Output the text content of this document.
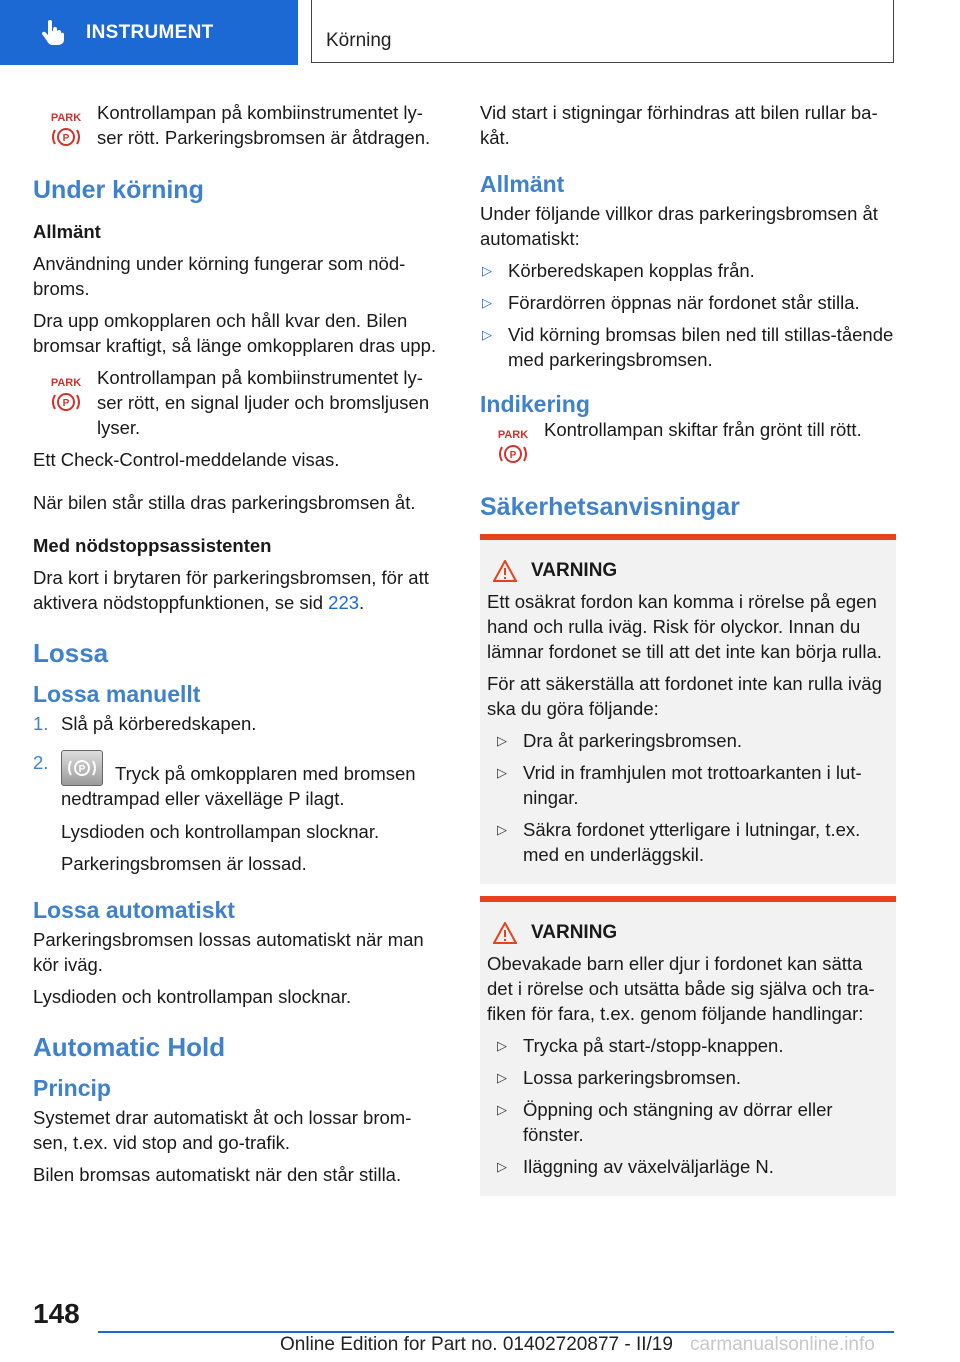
INSTRUMENT	Körning
PARK
P
Kontrollampan på kombiinstrumentet ly-ser rött. Parkeringsbromsen är åtdragen.
Under körning
Allmänt

Användning under körning fungerar som nöd-broms.

Dra upp omkopplaren och håll kvar den. Bilen bromsar kraftigt, så länge omkopplaren dras upp.

PARK
P
Kontrollampan på kombiinstrumentet ly-ser rött, en signal ljuder och bromsljusen lyser.

Ett Check-Control-meddelande visas.

När bilen står stilla dras parkeringsbromsen åt.

Med nödstoppsassistenten

Dra kort i brytaren för parkeringsbromsen, för att aktivera nödstoppfunktionen, se sid 223.

Lossa
Lossa manuellt
1. Slå på körberedskapen.
2.	P Tryck på omkopplaren med bromsen nedtrampad eller växelläge P ilagt.
Lysdioden och kontrollampan slocknar.
Parkeringsbromsen är lossad.
Lossa automatiskt

Parkeringsbromsen lossas automatiskt när man kör iväg.

Lysdioden och kontrollampan slocknar.

Automatic Hold
Princip

Systemet drar automatiskt åt och lossar brom-sen, t.ex. vid stop and go-trafik.

Bilen bromsas automatiskt när den står stilla.

Vid start i stigningar förhindras att bilen rullar ba-kåt.

Allmänt

Under följande villkor dras parkeringsbromsen åt automatiskt:

▷ Körberedskapen kopplas från.
▷ Förardörren öppnas när fordonet står stilla.
▷ Vid körning bromsas bilen ned till stillas-tående med parkeringsbromsen.
Indikering
PARK
P
Kontrollampan skiftar från grönt till rött.
Säkerhetsanvisningar
VARNING

Ett osäkrat fordon kan komma i rörelse på egen hand och rulla iväg. Risk för olyckor. Innan du lämnar fordonet se till att det inte kan börja rulla.

För att säkerställa att fordonet inte kan rulla iväg ska du göra följande:

▷ Dra åt parkeringsbromsen.
▷ Vrid in framhjulen mot trottoarkanten i lut-ningar.
▷ Säkra fordonet ytterligare i lutningar, t.ex. med en underläggskil.
VARNING

Obevakade barn eller djur i fordonet kan sätta det i rörelse och utsätta både sig själva och tra-fiken för fara, t.ex. genom följande handlingar:

▷ Trycka på start-/stopp-knappen.
▷ Lossa parkeringsbromsen.
▷ Öppning och stängning av dörrar eller fönster.
▷ Iläggning av växelväljarläge N.
148
Online Edition for Part no. 01402720877 - II/19 carmanualsonline.info
